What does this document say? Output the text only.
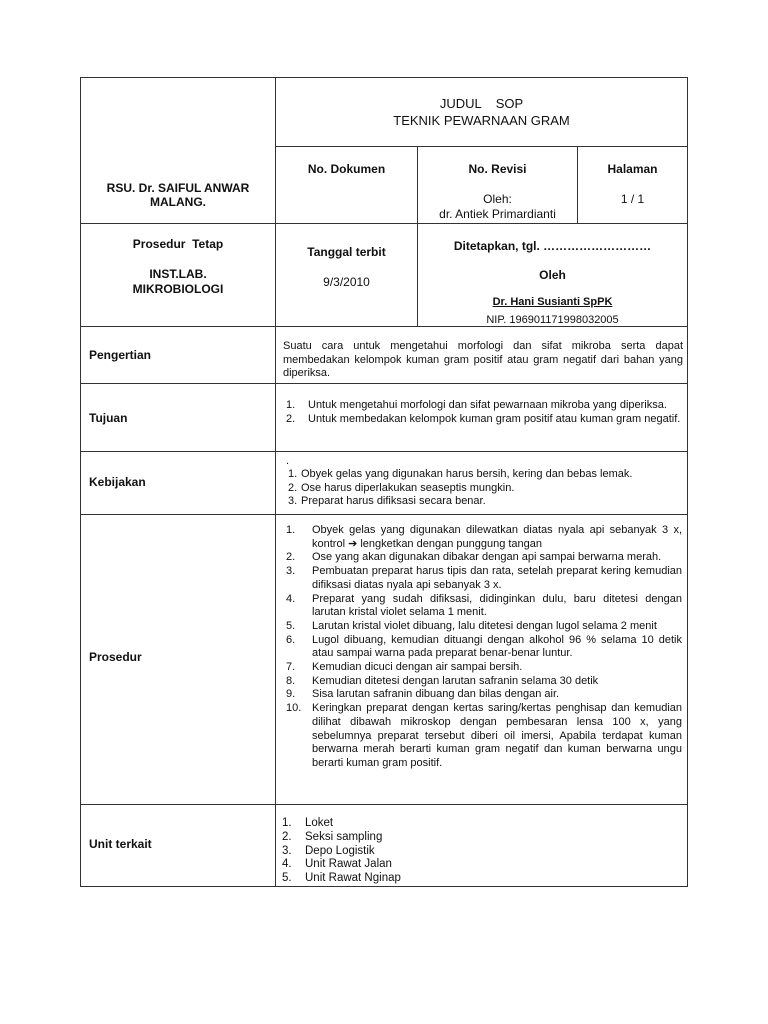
RSU. Dr. SAIFUL ANWAR MALANG.
JUDUL    SOP
TEKNIK PEWARNAAN GRAM
No. Dokumen	No. Revisi
Oleh:
dr. Antiek Primardianti
Halaman
1 / 1
Prosedur  Tetap
INST.LAB.
MIKROBIOLOGI
Tanggal terbit
9/3/2010
Ditetapkan, tgl. ………………………
Oleh
Dr. Hani Susianti SpPK
NIP. 196901171998032005
Pengertian
Suatu cara untuk mengetahui morfologi dan sifat mikroba serta dapat membedakan kelompok kuman gram positif atau gram negatif dari bahan yang diperiksa.
Tujuan
1. Untuk mengetahui morfologi dan sifat pewarnaan mikroba yang diperiksa.
2. Untuk membedakan kelompok kuman gram positif atau kuman gram negatif.
Kebijakan
.
1. Obyek gelas yang digunakan harus bersih, kering dan bebas lemak.
2. Ose harus diperlakukan seaseptis mungkin.
3. Preparat harus difiksasi secara benar.
Prosedur
1. Obyek gelas yang digunakan dilewatkan diatas nyala api sebanyak 3 x, kontrol ➔ lengketkan dengan punggung tangan
2. Ose yang akan digunakan dibakar dengan api sampai berwarna merah.
3. Pembuatan preparat harus tipis dan rata, setelah preparat kering kemudian difiksasi diatas nyala api sebanyak 3 x.
4. Preparat yang sudah difiksasi, didinginkan dulu, baru ditetesi dengan larutan kristal violet selama 1 menit.
5. Larutan kristal violet dibuang, lalu ditetesi dengan lugol selama 2 menit
6. Lugol dibuang, kemudian dituangi dengan alkohol 96 % selama 10 detik atau sampai warna pada preparat benar-benar luntur.
7. Kemudian dicuci dengan air sampai bersih.
8. Kemudian ditetesi dengan larutan safranin selama 30 detik
9. Sisa larutan safranin dibuang dan bilas dengan air.
10. Keringkan preparat dengan kertas saring/kertas penghisap dan kemudian dilihat dibawah mikroskop dengan pembesaran lensa 100 x, yang sebelumnya preparat tersebut diberi oil imersi, Apabila terdapat kuman berwarna merah berarti kuman gram negatif dan kuman berwarna ungu berarti kuman gram positif.
Unit terkait
1. Loket
2. Seksi sampling
3. Depo Logistik
4. Unit Rawat Jalan
5. Unit Rawat Nginap
